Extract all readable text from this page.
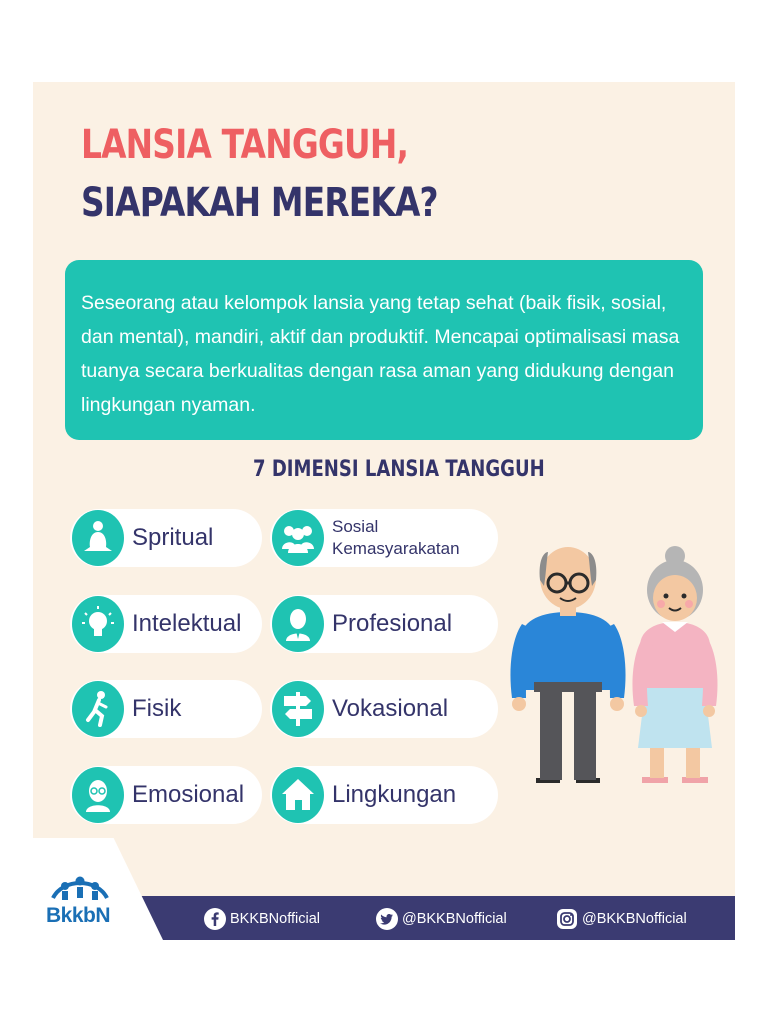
LANSIA TANGGUH,
SIAPAKAH MEREKA?
Seseorang atau kelompok lansia yang tetap sehat (baik fisik, sosial, dan mental), mandiri, aktif dan produktif. Mencapai optimalisasi masa tuanya secara berkualitas dengan rasa aman yang didukung dengan lingkungan nyaman.
7 DIMENSI LANSIA TANGGUH
Spritual	Sosial
Kemasyarakatan
Intelektual	Profesional
Fisik	Vokasional
Emosional	Lingkungan

BkkbN	BKKBNofficial	@BKKBNofficial	@BKKBNofficial
